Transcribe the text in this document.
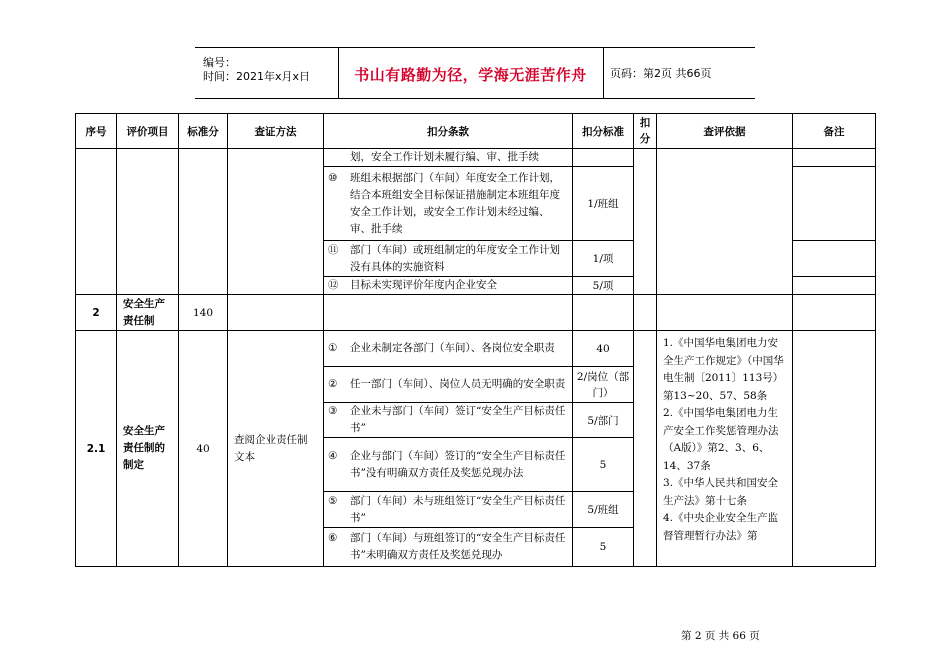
编号：
时间：2021年x月x日	书山有路勤为径，学海无涯苦作舟	页码：第2页 共66页
序号	评价项目	标准分	查证方法	扣分条款	扣分标准	扣分	查评依据	备注

				划，安全工作计划未履行编、审、批手续				

				⑩ 班组未根据部门（车间）年度安全工作计划，结合本班组安全目标保证措施制定本班组年度安全工作计划，或安全工作计划未经过编、审、批手续	1/班组			

				⑪ 部门（车间）或班组制定的年度安全工作计划没有具体的实施资料	1/项			

				⑫ 目标未实现评价年度内企业安全	5/项			
2	安全生产责任制	140						
2.1	安全生产责任制的制定	40	查阅企业责任制文本	① 企业未制定各部门（车间）、各岗位安全职责	40		1.《中国华电集团电力安全生产工作规定》（中国华电生制〔2011〕113号）第13~20、57、58条
2.《中国华电集团电力生产安全工作奖惩管理办法（A版）》第2、3、6、14、37条
3.《中华人民共和国安全生产法》第十七条
4.《中央企业安全生产监督管理暂行办法》第	

				② 任一部门（车间）、岗位人员无明确的安全职责	2/岗位（部门）			

				③ 企业未与部门（车间）签订“安全生产目标责任书”	5/部门			

				④ 企业与部门（车间）签订的“安全生产目标责任书”没有明确双方责任及奖惩兑现办法	5			

				⑤ 部门（车间）未与班组签订“安全生产目标责任书”	5/班组			

				⑥ 部门（车间）与班组签订的“安全生产目标责任书”未明确双方责任及奖惩兑现办	5			
第 2 页 共 66 页
